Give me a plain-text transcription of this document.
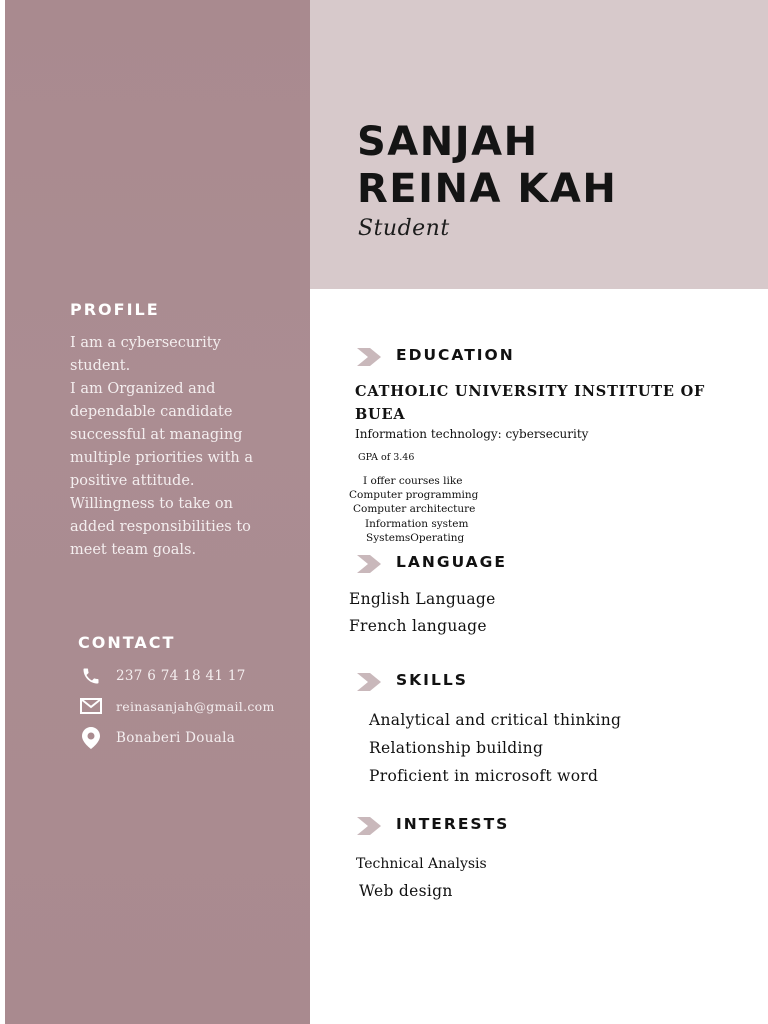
SANJAH
REINA KAH
Student
PROFILE
I am a cybersecurity
student.
I am Organized and
dependable candidate
successful at managing
multiple priorities with a
positive attitude.
Willingness to take on
added responsibilities to
meet team goals.
CONTACT
237 6 74 18 41 17
reinasanjah@gmail.com
Bonaberi Douala
EDUCATION
CATHOLIC UNIVERSITY INSTITUTE OF
BUEA
Information technology: cybersecurity
GPA of 3.46
I offer courses like
Computer programming
Computer architecture
Information system
SystemsOperating
LANGUAGE
English Language
French language
SKILLS
Analytical and critical thinking
Relationship building
Proficient in microsoft word
INTERESTS
Technical Analysis
Web design
